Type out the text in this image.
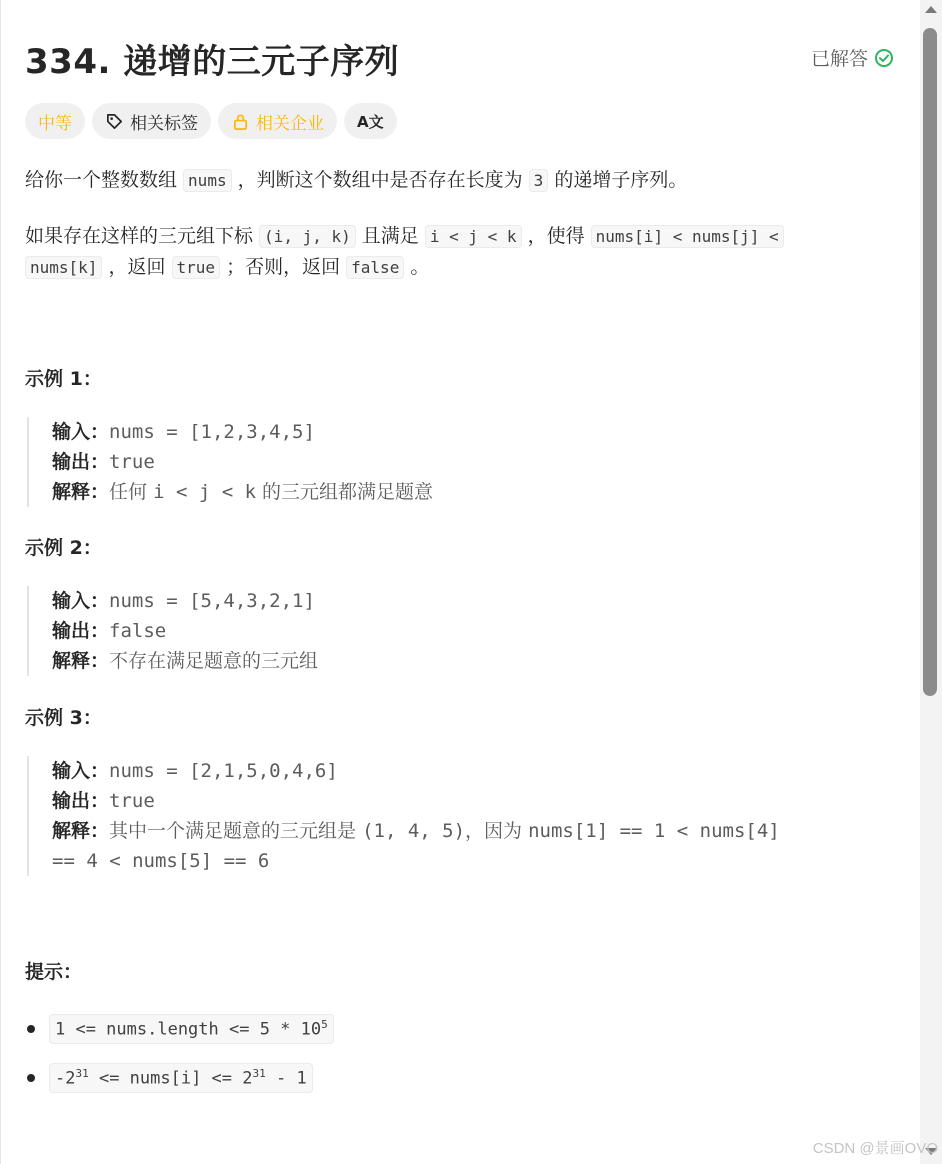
334. 递增的三元子序列	已解答
中等	相关标签	相关企业 A文

给你一个整数数组 nums ，判断这个数组中是否存在长度为 3 的递增子序列。

如果存在这样的三元组下标 (i, j, k) 且满足 i < j < k ，使得 nums[i] < nums[j] <
nums[k] ，返回 true ；否则，返回 false 。

示例 1：
输入：nums = [1,2,3,4,5]
输出：true
解释：任何 i < j < k 的三元组都满足题意
示例 2：
输入：nums = [5,4,3,2,1]
输出：false
解释：不存在满足题意的三元组
示例 3：
输入：nums = [2,1,5,0,4,6]
输出：true
解释：其中一个满足题意的三元组是 (1, 4, 5)，因为 nums[1] == 1 < nums[4]
== 4 < nums[5] == 6
提示：
1 <= nums.length <= $5 * 10^5$
$-2^{31}$ <= nums[i] <= $2^{31} - 1$
CSDN @景画OVO
